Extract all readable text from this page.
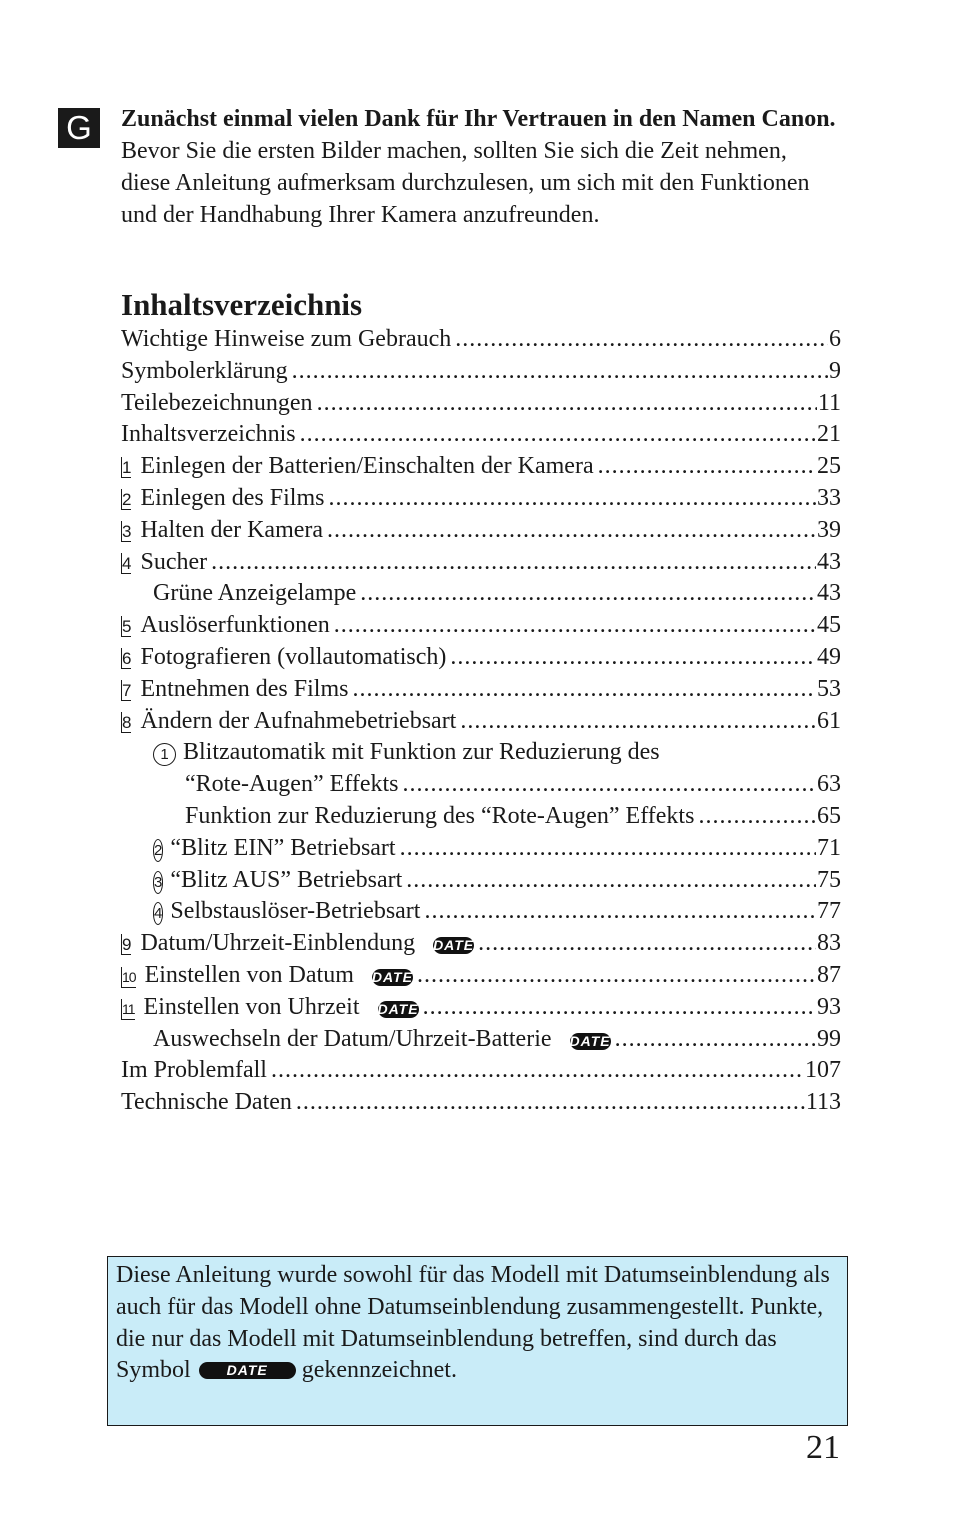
G	Zunächst einmal vielen Dank für Ihr Vertrauen in den Namen Canon.
Bevor Sie die ersten Bilder machen, sollten Sie sich die Zeit nehmen, diese Anleitung aufmerksam durchzulesen, um sich mit den Funktionen und der Handhabung Ihrer Kamera anzufreunden.
Inhaltsverzeichnis
Wichtige Hinweise zum Gebrauch .....	6
Symbolerklärung .....	9
Teilebezeichnungen .....	11
Inhaltsverzeichnis .....	21
1 Einlegen der Batterien/Einschalten der Kamera .....	25
2 Einlegen des Films .....	33
3 Halten der Kamera .....	39
4 Sucher .....	43
Grüne Anzeigelampe .....	43
5 Auslöserfunktionen .....	45
6 Fotografieren (vollautomatisch) .....	49
7 Entnehmen des Films .....	53
8 Ändern der Aufnahmebetriebsart .....	61
1 Blitzautomatik mit Funktion zur Reduzierung des
“Rote-Augen” Effekts .....	63
Funktion zur Reduzierung des “Rote-Augen” Effekts .....	65
2 “Blitz EIN” Betriebsart .....	71
3 “Blitz AUS” Betriebsart .....	75
4 Selbstauslöser-Betriebsart .....	77
9 Datum/Uhrzeit-Einblendung DATE .....	83
10 Einstellen von Datum DATE .....	87
11 Einstellen von Uhrzeit DATE .....	93
Auswechseln der Datum/Uhrzeit-Batterie DATE .....	99
Im Problemfall .....	107
Technische Daten .....	113
Diese Anleitung wurde sowohl für das Modell mit Datumseinblendung als auch für das Modell ohne Datumseinblendung zusammengestellt. Punkte, die nur das Modell mit Datumseinblendung betreffen, sind durch das Symbol	DATE gekennzeichnet.
21
